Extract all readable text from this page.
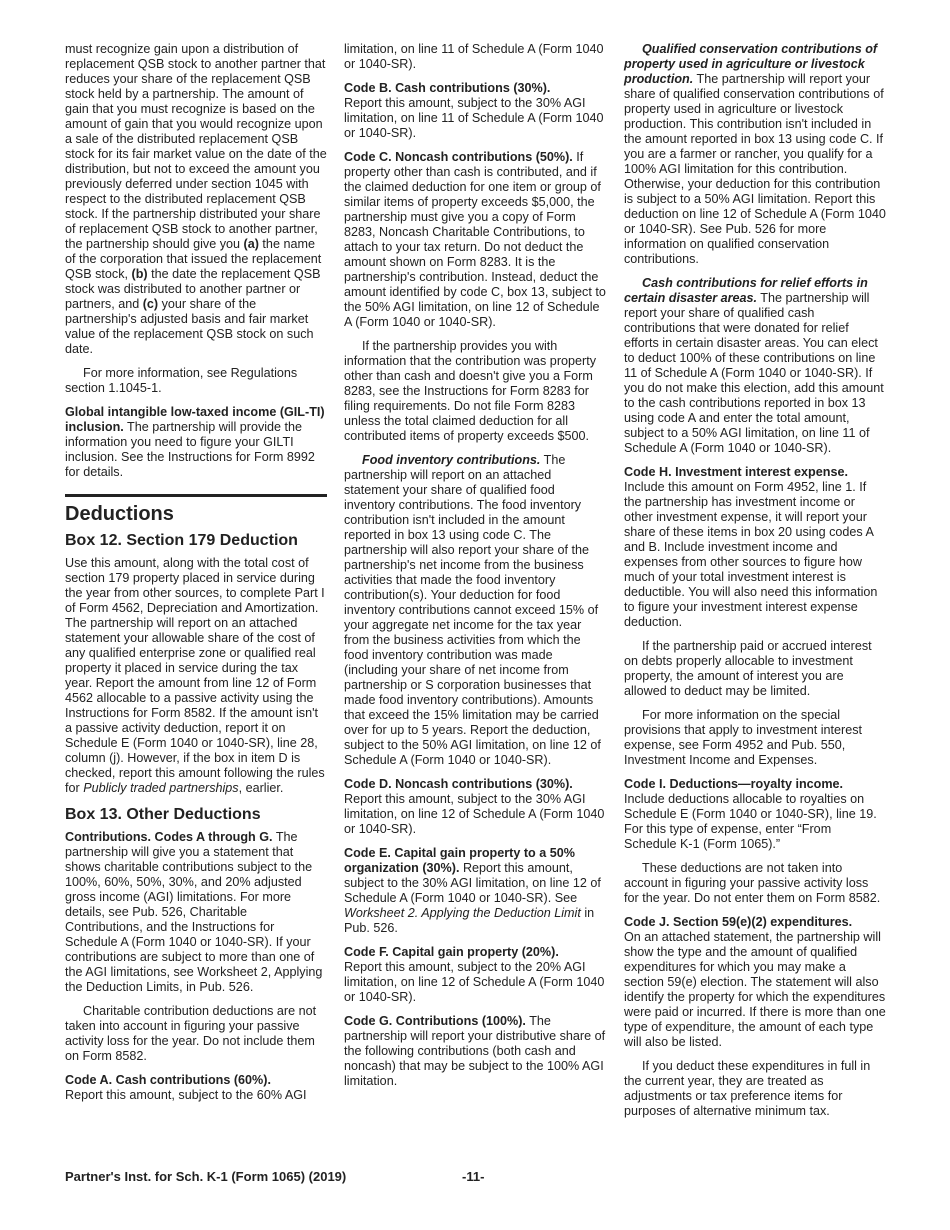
must recognize gain upon a distribution of replacement QSB stock to another partner that reduces your share of the replacement QSB stock held by a partnership. The amount of gain that you must recognize is based on the amount of gain that you would recognize upon a sale of the distributed replacement QSB stock for its fair market value on the date of the distribution, but not to exceed the amount you previously deferred under section 1045 with respect to the distributed replacement QSB stock. If the partnership distributed your share of replacement QSB stock to another partner, the partnership should give you (a) the name of the corporation that issued the replacement QSB stock, (b) the date the replacement QSB stock was distributed to another partner or partners, and (c) your share of the partnership's adjusted basis and fair market value of the replacement QSB stock on such date.

For more information, see Regulations section 1.1045-1.

Global intangible low-taxed income (GIL-TI) inclusion. The partnership will provide the information you need to figure your GILTI inclusion. See the Instructions for Form 8992 for details.

Deductions
Box 12. Section 179 Deduction

Use this amount, along with the total cost of section 179 property placed in service during the year from other sources, to complete Part I of Form 4562, Depreciation and Amortization. The partnership will report on an attached statement your allowable share of the cost of any qualified enterprise zone or qualified real property it placed in service during the tax year. Report the amount from line 12 of Form 4562 allocable to a passive activity using the Instructions for Form 8582. If the amount isn't a passive activity deduction, report it on Schedule E (Form 1040 or 1040-SR), line 28, column (j). However, if the box in item D is checked, report this amount following the rules for Publicly traded partnerships, earlier.

Box 13. Other Deductions

Contributions. Codes A through G. The partnership will give you a statement that shows charitable contributions subject to the 100%, 60%, 50%, 30%, and 20% adjusted gross income (AGI) limitations. For more details, see Pub. 526, Charitable Contributions, and the Instructions for Schedule A (Form 1040 or 1040-SR). If your contributions are subject to more than one of the AGI limitations, see Worksheet 2, Applying the Deduction Limits, in Pub. 526.

Charitable contribution deductions are not taken into account in figuring your passive activity loss for the year. Do not include them on Form 8582.

Code A. Cash contributions (60%).
Report this amount, subject to the 60% AGI

limitation, on line 11 of Schedule A (Form 1040 or 1040-SR).

Code B. Cash contributions (30%).
Report this amount, subject to the 30% AGI limitation, on line 11 of Schedule A (Form 1040 or 1040-SR).

Code C. Noncash contributions (50%). If property other than cash is contributed, and if the claimed deduction for one item or group of similar items of property exceeds $5,000, the partnership must give you a copy of Form 8283, Noncash Charitable Contributions, to attach to your tax return. Do not deduct the amount shown on Form 8283. It is the partnership's contribution. Instead, deduct the amount identified by code C, box 13, subject to the 50% AGI limitation, on line 12 of Schedule A (Form 1040 or 1040-SR).

If the partnership provides you with information that the contribution was property other than cash and doesn't give you a Form 8283, see the Instructions for Form 8283 for filing requirements. Do not file Form 8283 unless the total claimed deduction for all contributed items of property exceeds $500.

Food inventory contributions. The partnership will report on an attached statement your share of qualified food inventory contributions. The food inventory contribution isn't included in the amount reported in box 13 using code C. The partnership will also report your share of the partnership's net income from the business activities that made the food inventory contribution(s). Your deduction for food inventory contributions cannot exceed 15% of your aggregate net income for the tax year from the business activities from which the food inventory contribution was made (including your share of net income from partnership or S corporation businesses that made food inventory contributions). Amounts that exceed the 15% limitation may be carried over for up to 5 years. Report the deduction, subject to the 50% AGI limitation, on line 12 of Schedule A (Form 1040 or 1040-SR).

Code D. Noncash contributions (30%).
Report this amount, subject to the 30% AGI limitation, on line 12 of Schedule A (Form 1040 or 1040-SR).

Code E. Capital gain property to a 50% organization (30%). Report this amount, subject to the 30% AGI limitation, on line 12 of Schedule A (Form 1040 or 1040-SR). See Worksheet 2. Applying the Deduction Limit in Pub. 526.

Code F. Capital gain property (20%).
Report this amount, subject to the 20% AGI limitation, on line 12 of Schedule A (Form 1040 or 1040-SR).

Code G. Contributions (100%). The partnership will report your distributive share of the following contributions (both cash and noncash) that may be subject to the 100% AGI limitation.

Qualified conservation contributions of property used in agriculture or livestock production. The partnership will report your share of qualified conservation contributions of property used in agriculture or livestock production. This contribution isn't included in the amount reported in box 13 using code C. If you are a farmer or rancher, you qualify for a 100% AGI limitation for this contribution. Otherwise, your deduction for this contribution is subject to a 50% AGI limitation. Report this deduction on line 12 of Schedule A (Form 1040 or 1040-SR). See Pub. 526 for more information on qualified conservation contributions.

Cash contributions for relief efforts in certain disaster areas. The partnership will report your share of qualified cash contributions that were donated for relief efforts in certain disaster areas. You can elect to deduct 100% of these contributions on line 11 of Schedule A (Form 1040 or 1040-SR). If you do not make this election, add this amount to the cash contributions reported in box 13 using code A and enter the total amount, subject to a 50% AGI limitation, on line 11 of Schedule A (Form 1040 or 1040-SR).

Code H. Investment interest expense.
Include this amount on Form 4952, line 1. If the partnership has investment income or other investment expense, it will report your share of these items in box 20 using codes A and B. Include investment income and expenses from other sources to figure how much of your total investment interest is deductible. You will also need this information to figure your investment interest expense deduction.

If the partnership paid or accrued interest on debts properly allocable to investment property, the amount of interest you are allowed to deduct may be limited.

For more information on the special provisions that apply to investment interest expense, see Form 4952 and Pub. 550, Investment Income and Expenses.

Code I. Deductions—royalty income.
Include deductions allocable to royalties on Schedule E (Form 1040 or 1040-SR), line 19. For this type of expense, enter “From Schedule K-1 (Form 1065).”

These deductions are not taken into account in figuring your passive activity loss for the year. Do not enter them on Form 8582.

Code J. Section 59(e)(2) expenditures.
On an attached statement, the partnership will show the type and the amount of qualified expenditures for which you may make a section 59(e) election. The statement will also identify the property for which the expenditures were paid or incurred. If there is more than one type of expenditure, the amount of each type will also be listed.

If you deduct these expenditures in full in the current year, they are treated as adjustments or tax preference items for purposes of alternative minimum tax.

Partner's Inst. for Sch. K-1 (Form 1065) (2019)	-11-
